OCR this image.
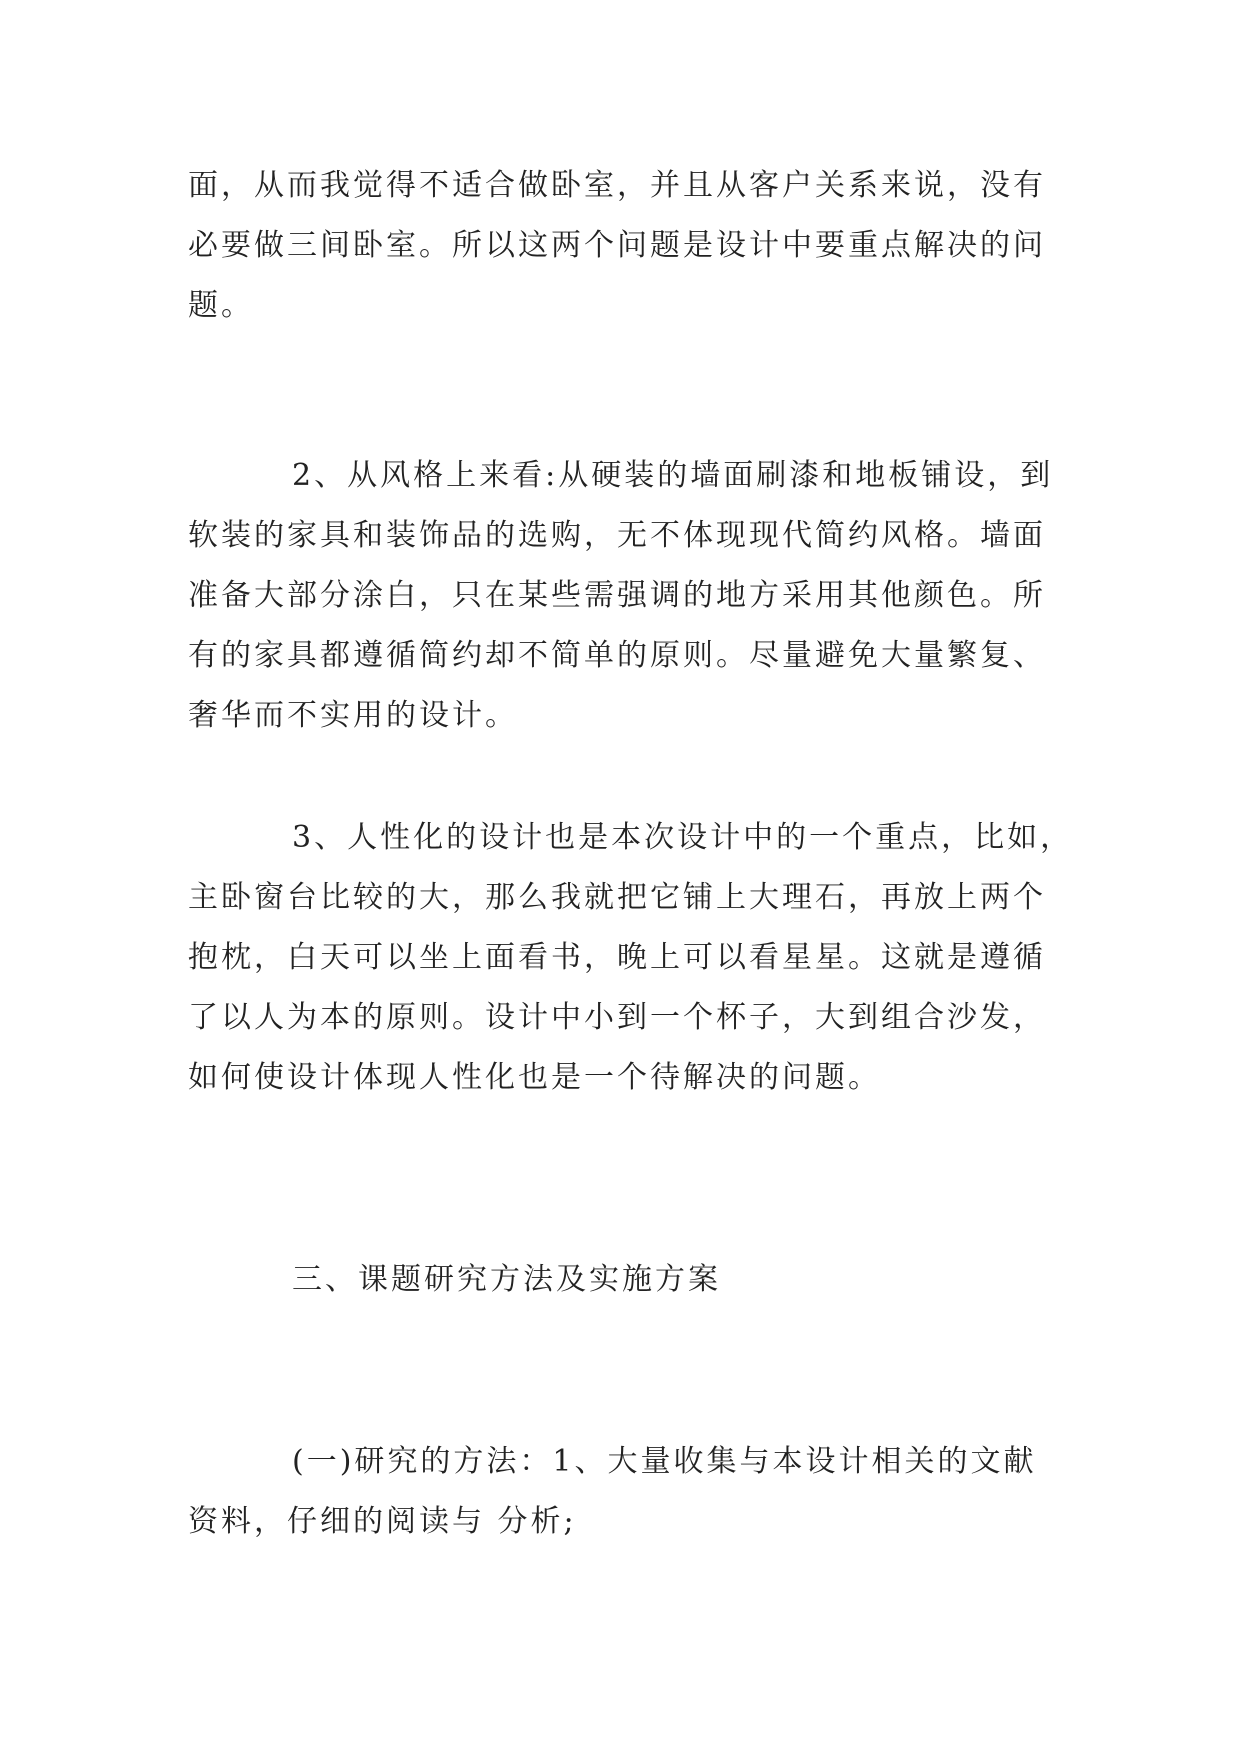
面，从而我觉得不适合做卧室，并且从客户关系来说，没有
必要做三间卧室。所以这两个问题是设计中要重点解决的问
题。
2、从风格上来看:从硬装的墙面刷漆和地板铺设，到
软装的家具和装饰品的选购，无不体现现代简约风格。墙面
准备大部分涂白，只在某些需强调的地方采用其他颜色。所
有的家具都遵循简约却不简单的原则。尽量避免大量繁复、
奢华而不实用的设计。
3、人性化的设计也是本次设计中的一个重点，比如，
主卧窗台比较的大，那么我就把它铺上大理石，再放上两个
抱枕，白天可以坐上面看书，晚上可以看星星。这就是遵循
了以人为本的原则。设计中小到一个杯子，大到组合沙发，
如何使设计体现人性化也是一个待解决的问题。
三、课题研究方法及实施方案
(一)研究的方法：1、大量收集与本设计相关的文献
资料，仔细的阅读与 分析;
